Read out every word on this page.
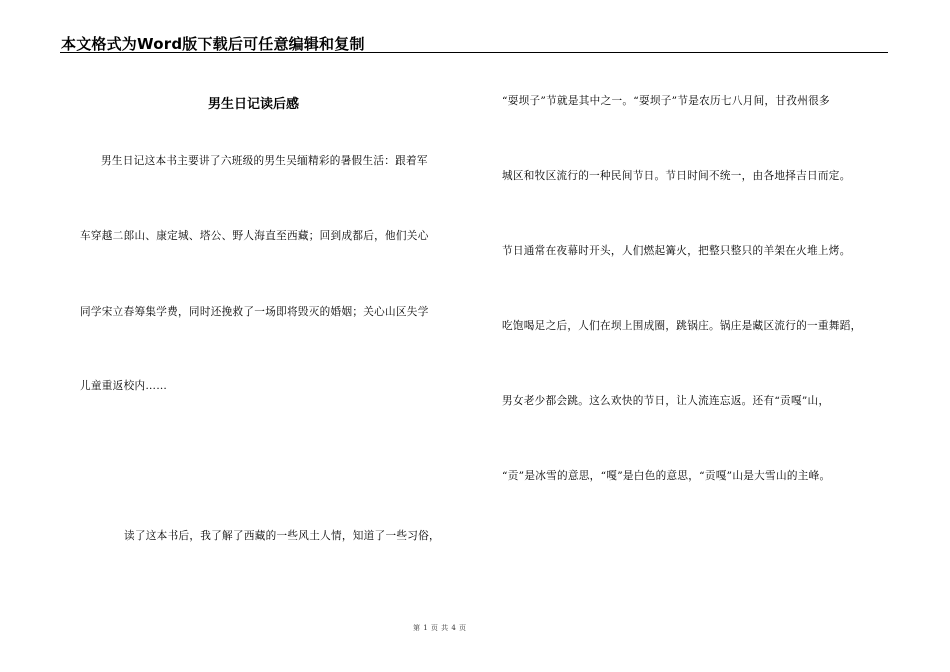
本文格式为Word版下载后可任意编辑和复制
男生日记读后感
男生日记这本书主要讲了六班级的男生吴缅精彩的暑假生活：跟着军
车穿越二郎山、康定城、塔公、野人海直至西藏；回到成都后，他们关心
同学宋立春筹集学费，同时还挽救了一场即将毁灭的婚姻；关心山区失学
儿童重返校内……
读了这本书后，我了解了西藏的一些风土人情，知道了一些习俗，
“耍坝子”节就是其中之一。“耍坝子”节是农历七八月间，甘孜州很多
城区和牧区流行的一种民间节日。节日时间不统一，由各地择吉日而定。
节日通常在夜幕时开头，人们燃起篝火，把整只整只的羊架在火堆上烤。
吃饱喝足之后，人们在坝上围成圈，跳锅庄。锅庄是藏区流行的一重舞蹈，
男女老少都会跳。这么欢快的节日，让人流连忘返。还有“贡嘎”山，
“贡”是冰雪的意思，“嘎”是白色的意思，“贡嘎”山是大雪山的主峰。
第 1 页 共 4 页
